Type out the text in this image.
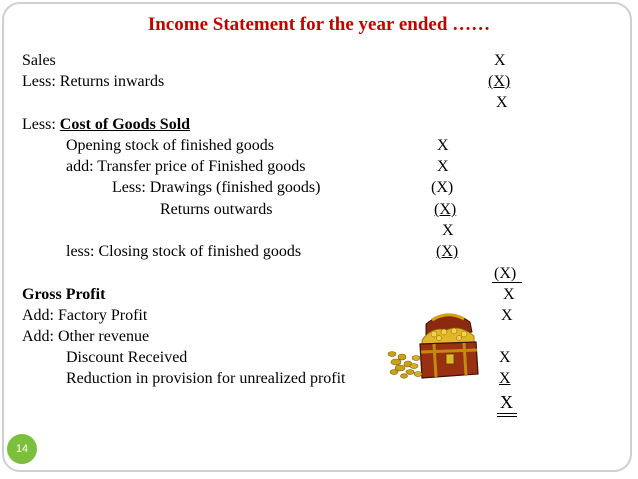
Income Statement for the year ended ……
Sales	X
Less: Returns inwards	(X)
X
Less: Cost of Goods Sold
Opening stock of finished goods	X
add: Transfer price of Finished goods	X
Less: Drawings (finished goods)	(X)
Returns outwards	(X)
X
less: Closing stock of finished goods	(X)
(X)
Gross Profit	X
Add: Factory Profit	X
Add: Other revenue
Discount Received	X
Reduction in provision for unrealized profit	X
X
14
